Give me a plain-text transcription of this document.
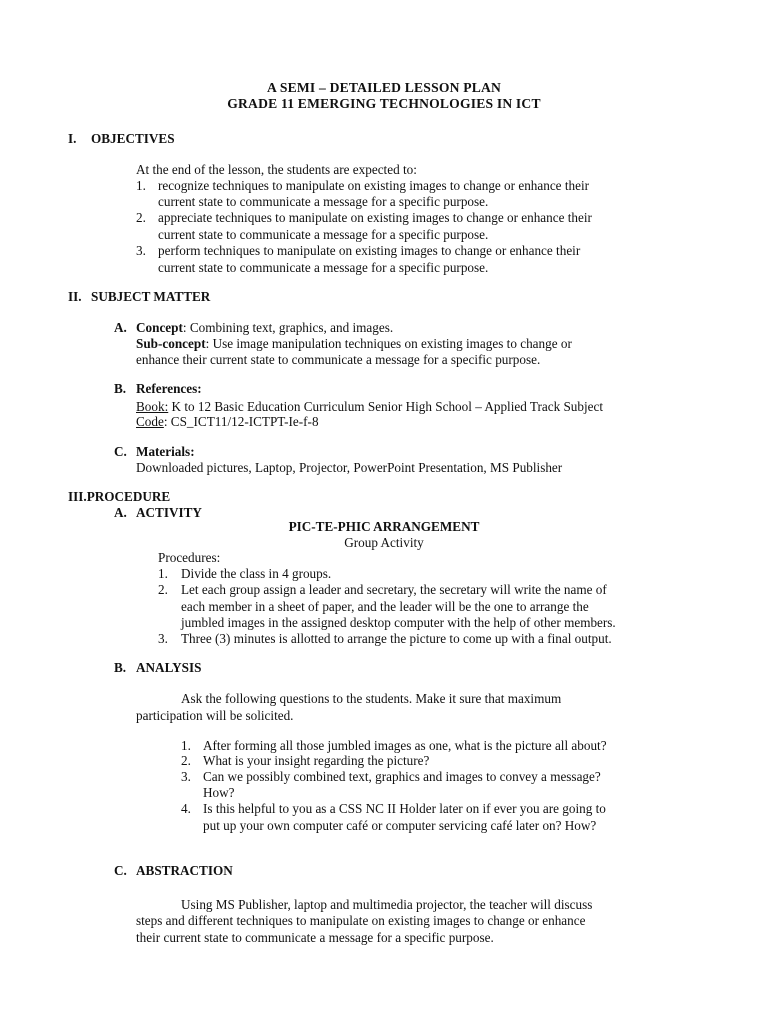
A SEMI – DETAILED LESSON PLAN
GRADE 11 EMERGING TECHNOLOGIES IN ICT
I. OBJECTIVES
At the end of the lesson, the students are expected to:
1. recognize techniques to manipulate on existing images to change or enhance their
current state to communicate a message for a specific purpose.
2. appreciate techniques to manipulate on existing images to change or enhance their
current state to communicate a message for a specific purpose.
3. perform techniques to manipulate on existing images to change or enhance their
current state to communicate a message for a specific purpose.
II. SUBJECT MATTER
A. Concept: Combining text, graphics, and images.
Sub-concept: Use image manipulation techniques on existing images to change or
enhance their current state to communicate a message for a specific purpose.
B. References:
Book: K to 12 Basic Education Curriculum Senior High School – Applied Track Subject
Code: CS_ICT11/12-ICTPT-Ie-f-8
C. Materials:
Downloaded pictures, Laptop, Projector, PowerPoint Presentation, MS Publisher
III.PROCEDURE
A. ACTIVITY
PIC-TE-PHIC ARRANGEMENT
Group Activity
Procedures:
1. Divide the class in 4 groups.
2. Let each group assign a leader and secretary, the secretary will write the name of
each member in a sheet of paper, and the leader will be the one to arrange the
jumbled images in the assigned desktop computer with the help of other members.
3. Three (3) minutes is allotted to arrange the picture to come up with a final output.
B. ANALYSIS
Ask the following questions to the students. Make it sure that maximum
participation will be solicited.
1. After forming all those jumbled images as one, what is the picture all about?
2. What is your insight regarding the picture?
3. Can we possibly combined text, graphics and images to convey a message?
How?
4. Is this helpful to you as a CSS NC II Holder later on if ever you are going to
put up your own computer café or computer servicing café later on? How?
C. ABSTRACTION
Using MS Publisher, laptop and multimedia projector, the teacher will discuss
steps and different techniques to manipulate on existing images to change or enhance
their current state to communicate a message for a specific purpose.
